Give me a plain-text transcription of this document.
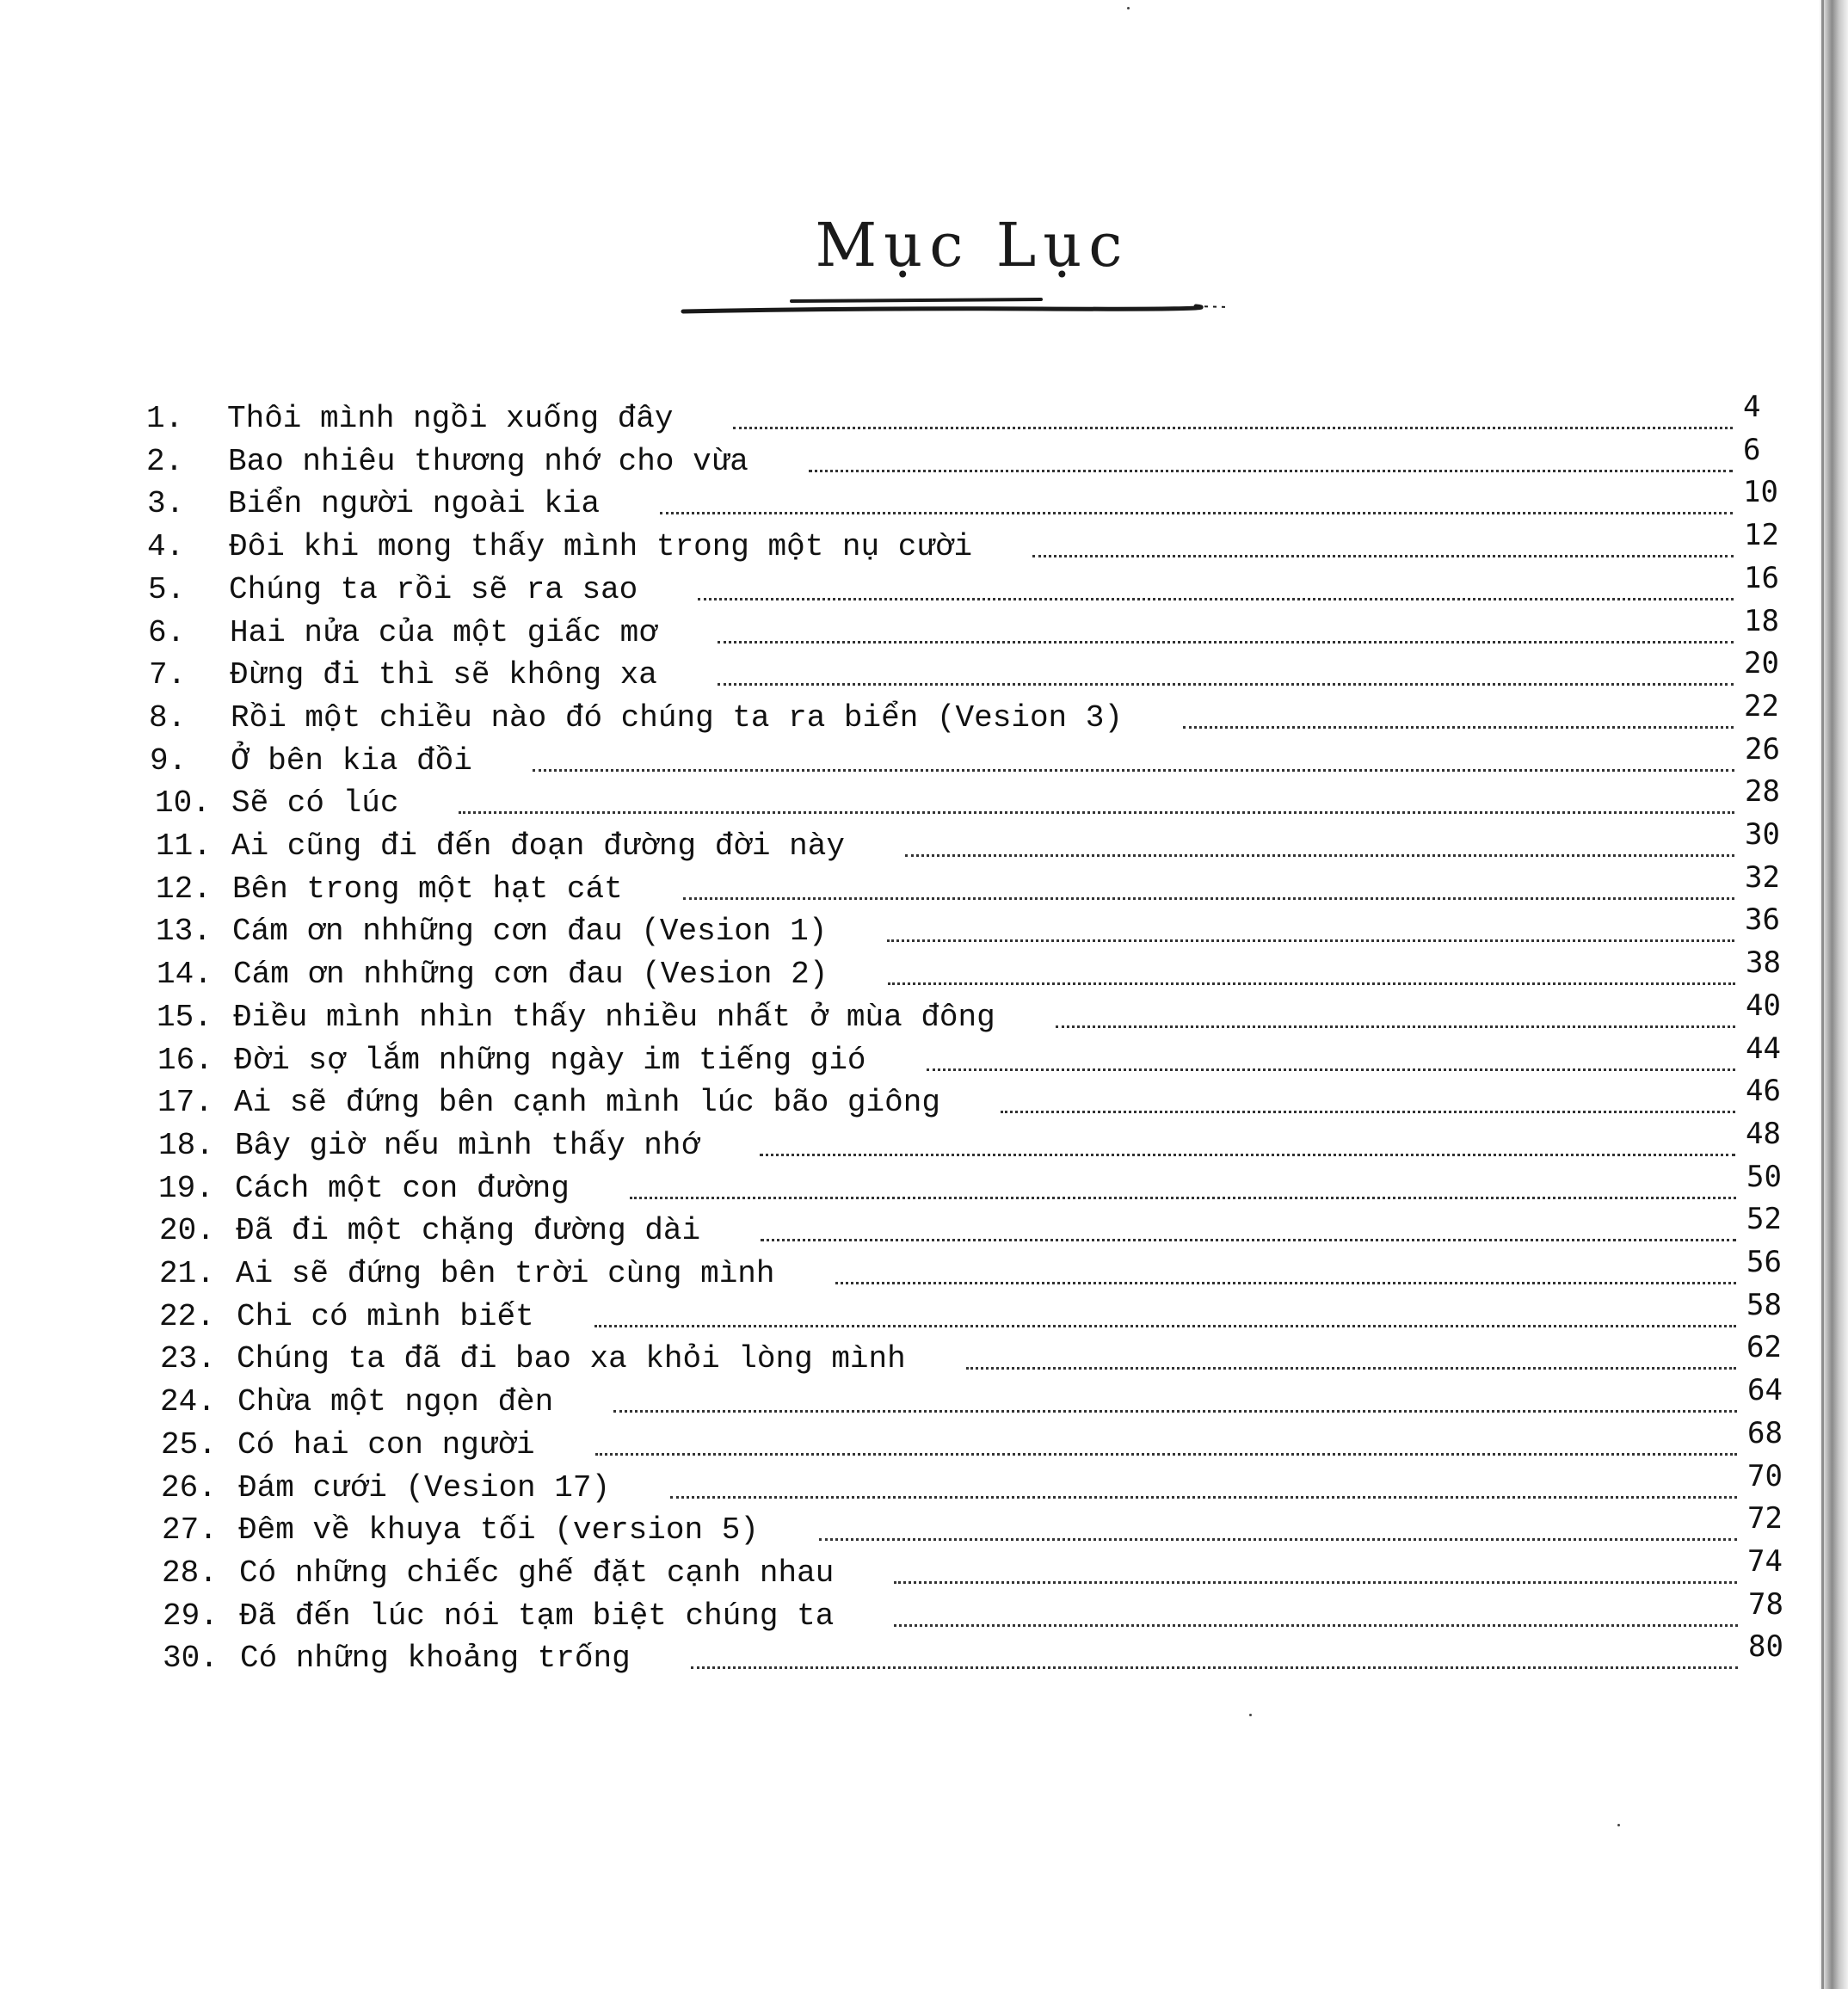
Mục Lục
1. Thôi mình ngồi xuống đây	4
2. Bao nhiêu thương nhớ cho vừa	6
3. Biển người ngoài kia	10
4. Đôi khi mong thấy mình trong một nụ cười	12
5. Chúng ta rồi sẽ ra sao	16
6. Hai nửa của một giấc mơ	18
7. Đừng đi thì sẽ không xa	20
8. Rồi một chiều nào đó chúng ta ra biển (Vesion 3)	22
9. Ở bên kia đồi	26
10. Sẽ có lúc	28
11. Ai cũng đi đến đoạn đường đời này	30
12. Bên trong một hạt cát	32
13. Cám ơn nhhững cơn đau (Vesion 1)	36
14. Cám ơn nhhững cơn đau (Vesion 2)	38
15. Điều mình nhìn thấy nhiều nhất ở mùa đông	40
16. Đời sợ lắm những ngày im tiếng gió	44
17. Ai sẽ đứng bên cạnh mình lúc bão giông	46
18. Bây giờ nếu mình thấy nhớ	48
19. Cách một con đường	50
20. Đã đi một chặng đường dài	52
21. Ai sẽ đứng bên trời cùng mình	56
22. Chi có mình biết	58
23. Chúng ta đã đi bao xa khỏi lòng mình	62
24. Chừa một ngọn đèn	64
25. Có hai con người	68
26. Đám cưới (Vesion 17)	70
27. Đêm về khuya tối (version 5)	72
28. Có những chiếc ghế đặt cạnh nhau	74
29. Đã đến lúc nói tạm biệt chúng ta	78
30. Có những khoảng trống	80
